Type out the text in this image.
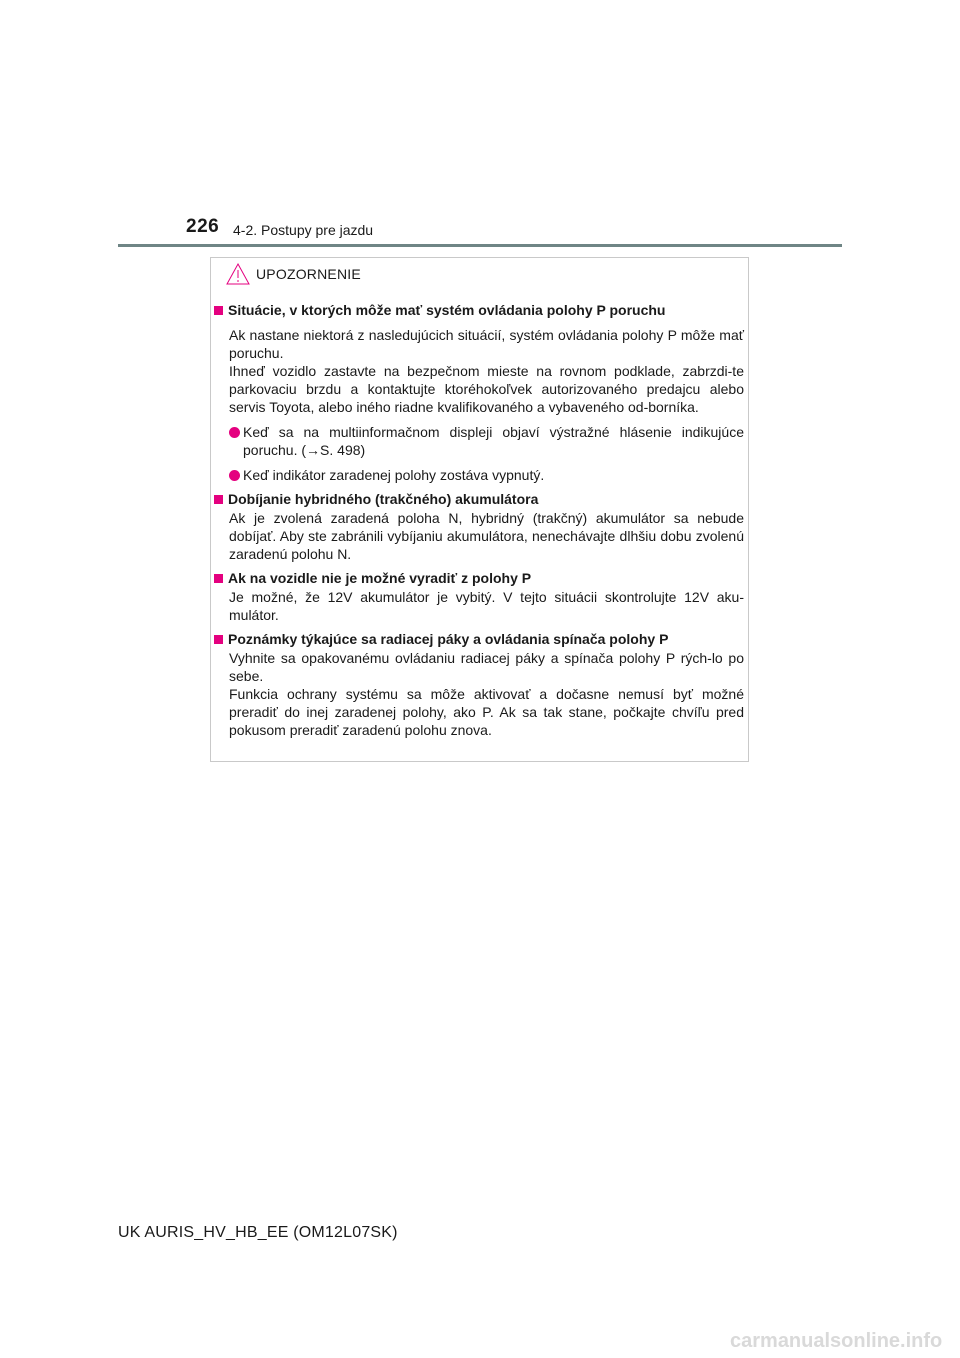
226 4-2. Postupy pre jazdu
UPOZORNENIE
Situácie, v ktorých môže mať systém ovládania polohy P poruchu
Ak nastane niektorá z nasledujúcich situácií, systém ovládania polohy P môže mať poruchu.
Ihneď vozidlo zastavte na bezpečnom mieste na rovnom podklade, zabrzdi-te parkovaciu brzdu a kontaktujte ktoréhokoľvek autorizovaného predajcu alebo servis Toyota, alebo iného riadne kvalifikovaného a vybaveného od-borníka.
Keď sa na multiinformačnom displeji objaví výstražné hlásenie indikujúce poruchu. (→S. 498)
Keď indikátor zaradenej polohy zostáva vypnutý.
Dobíjanie hybridného (trakčného) akumulátora
Ak je zvolená zaradená poloha N, hybridný (trakčný) akumulátor sa nebude dobíjať. Aby ste zabránili vybíjaniu akumulátora, nenechávajte dlhšiu dobu zvolenú zaradenú polohu N.
Ak na vozidle nie je možné vyradiť z polohy P
Je možné, že 12V akumulátor je vybitý. V tejto situácii skontrolujte 12V aku-mulátor.
Poznámky týkajúce sa radiacej páky a ovládania spínača polohy P
Vyhnite sa opakovanému ovládaniu radiacej páky a spínača polohy P rých-lo po sebe.
Funkcia ochrany systému sa môže aktivovať a dočasne nemusí byť možné preradiť do inej zaradenej polohy, ako P. Ak sa tak stane, počkajte chvíľu pred pokusom preradiť zaradenú polohu znova.
UK AURIS_HV_HB_EE (OM12L07SK)
carmanualsonline.info
